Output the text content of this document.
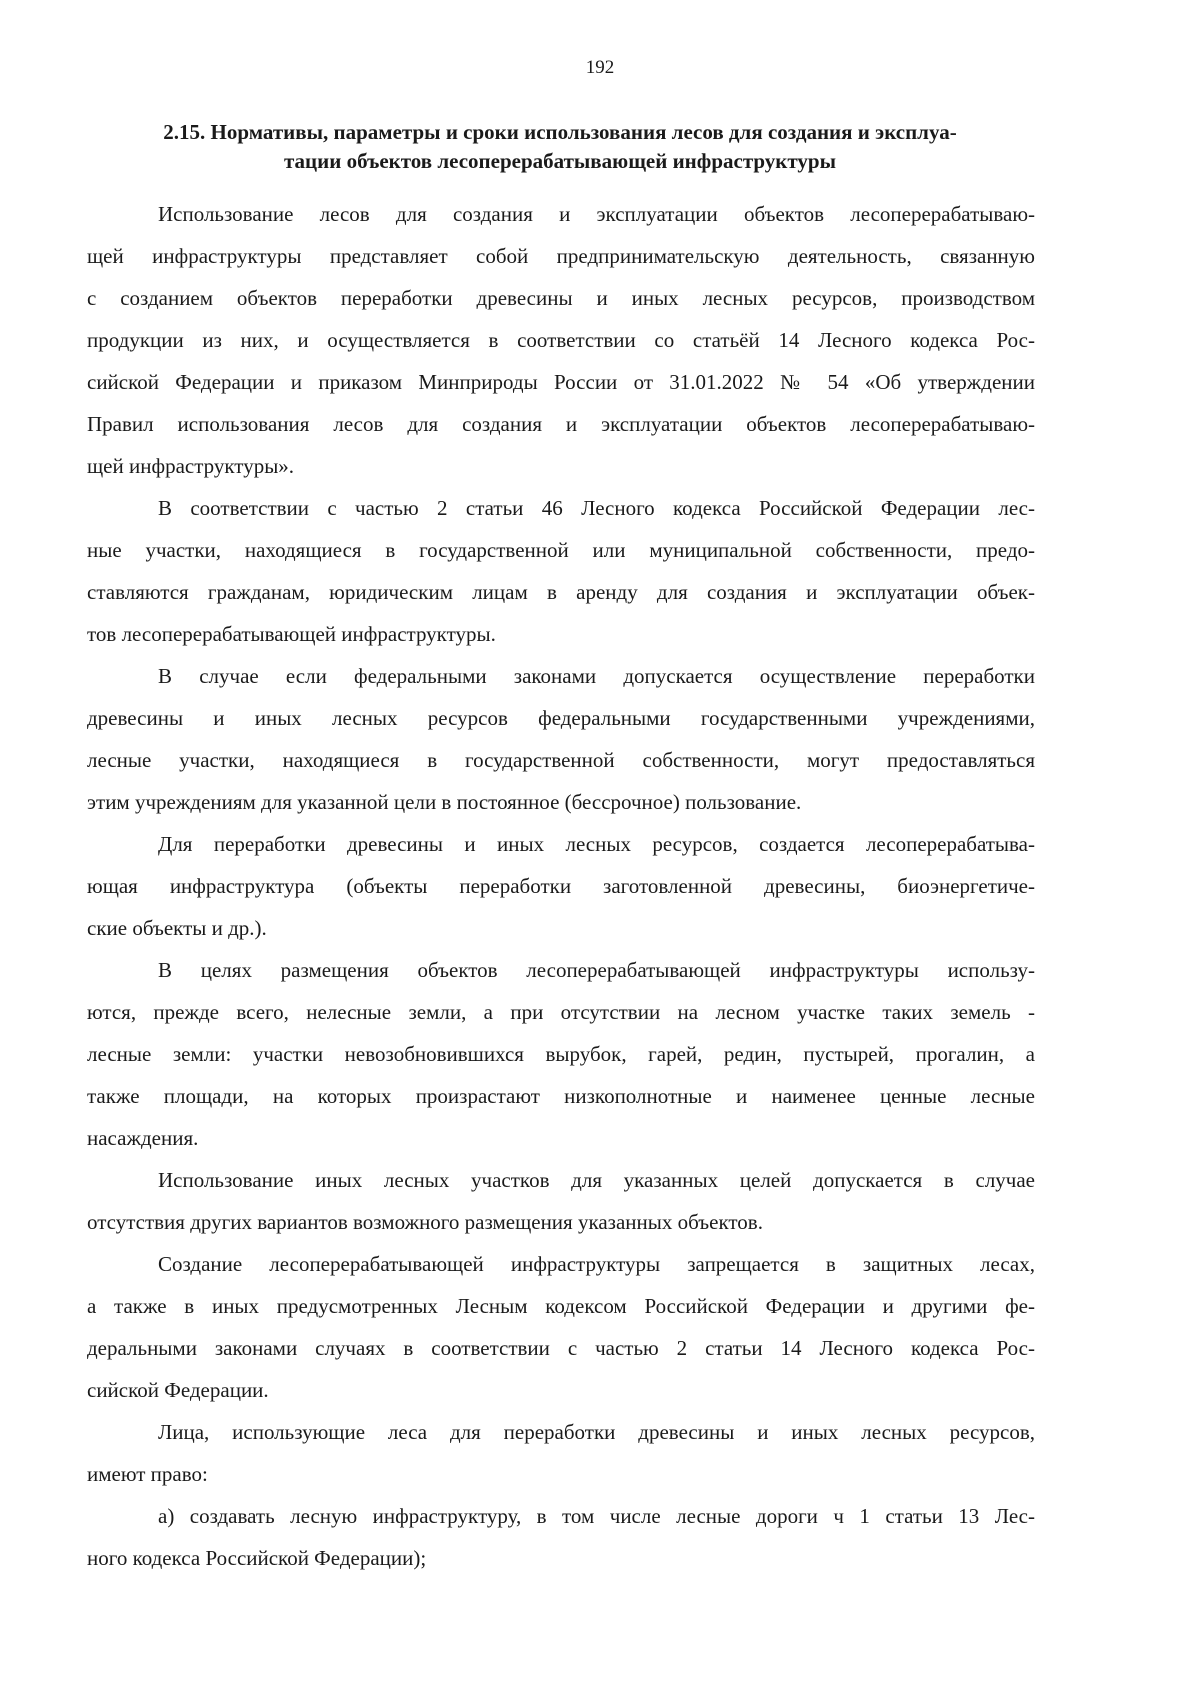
192
2.15. Нормативы, параметры и сроки использования лесов для создания и эксплуа-
тации объектов лесоперерабатывающей инфраструктуры

Использование лесов для создания и эксплуатации объектов лесоперерабатываю-
щей инфраструктуры представляет собой предпринимательскую деятельность, связанную
с созданием объектов переработки древесины и иных лесных ресурсов, производством
продукции из них, и осуществляется в соответствии со статьёй 14 Лесного кодекса Рос-
сийской Федерации и приказом Минприроды России от 31.01.2022 № 54 «Об утверждении
Правил использования лесов для создания и эксплуатации объектов лесоперерабатываю-
щей инфраструктуры».

В соответствии с частью 2 статьи 46 Лесного кодекса Российской Федерации лес-
ные участки, находящиеся в государственной или муниципальной собственности, предо-
ставляются гражданам, юридическим лицам в аренду для создания и эксплуатации объек-
тов лесоперерабатывающей инфраструктуры.

В случае если федеральными законами допускается осуществление переработки
древесины и иных лесных ресурсов федеральными государственными учреждениями,
лесные участки, находящиеся в государственной собственности, могут предоставляться
этим учреждениям для указанной цели в постоянное (бессрочное) пользование.

Для переработки древесины и иных лесных ресурсов, создается лесоперерабатыва-
ющая инфраструктура (объекты переработки заготовленной древесины, биоэнергетиче-
ские объекты и др.).

В целях размещения объектов лесоперерабатывающей инфраструктуры использу-
ются, прежде всего, нелесные земли, а при отсутствии на лесном участке таких земель -
лесные земли: участки невозобновившихся вырубок, гарей, редин, пустырей, прогалин, а
также площади, на которых произрастают низкополнотные и наименее ценные лесные
насаждения.

Использование иных лесных участков для указанных целей допускается в случае
отсутствия других вариантов возможного размещения указанных объектов.

Создание лесоперерабатывающей инфраструктуры запрещается в защитных лесах,
а также в иных предусмотренных Лесным кодексом Российской Федерации и другими фе-
деральными законами случаях в соответствии с частью 2 статьи 14 Лесного кодекса Рос-
сийской Федерации.

Лица, использующие леса для переработки древесины и иных лесных ресурсов,
имеют право:

а) создавать лесную инфраструктуру, в том числе лесные дороги ч 1 статьи 13 Лес-
ного кодекса Российской Федерации);
